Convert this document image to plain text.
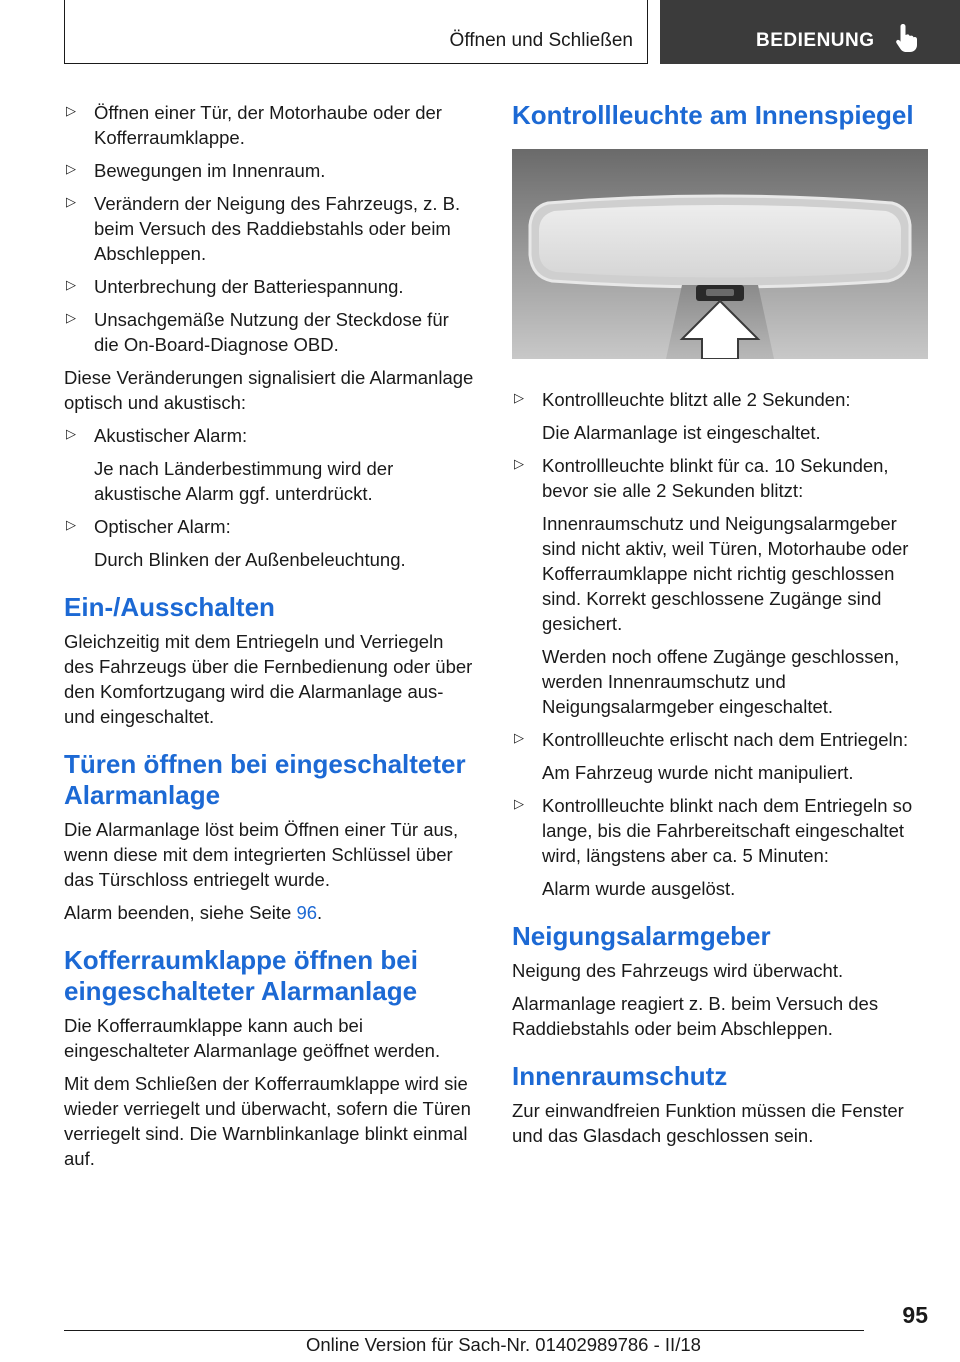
Öffnen und Schließen	BEDIENUNG
▷ Öffnen einer Tür, der Motorhaube oder der Kofferraumklappe.
▷ Bewegungen im Innenraum.
▷ Verändern der Neigung des Fahrzeugs, z. B. beim Versuch des Raddiebstahls oder beim Abschleppen.
▷ Unterbrechung der Batteriespannung.
▷ Unsachgemäße Nutzung der Steckdose für die On-Board-Diagnose OBD.

Diese Veränderungen signalisiert die Alarmanlage optisch und akustisch:

▷ Akustischer Alarm:
Je nach Länderbestimmung wird der akustische Alarm ggf. unterdrückt.
▷ Optischer Alarm:
Durch Blinken der Außenbeleuchtung.
Ein-/Ausschalten

Gleichzeitig mit dem Entriegeln und Verriegeln des Fahrzeugs über die Fernbedienung oder über den Komfortzugang wird die Alarmanlage aus- und eingeschaltet.

Türen öffnen bei eingeschalteter Alarmanlage

Die Alarmanlage löst beim Öffnen einer Tür aus, wenn diese mit dem integrierten Schlüssel über das Türschloss entriegelt wurde.

Alarm beenden, siehe Seite 96.

Kofferraumklappe öffnen bei eingeschalteter Alarmanlage

Die Kofferraumklappe kann auch bei eingeschalteter Alarmanlage geöffnet werden.

Mit dem Schließen der Kofferraumklappe wird sie wieder verriegelt und überwacht, sofern die Türen verriegelt sind. Die Warnblinkanlage blinkt einmal auf.

Kontrollleuchte am Innenspiegel
▷ Kontrollleuchte blitzt alle 2 Sekunden:
Die Alarmanlage ist eingeschaltet.
▷ Kontrollleuchte blinkt für ca. 10 Sekunden, bevor sie alle 2 Sekunden blitzt:
Innenraumschutz und Neigungsalarmgeber sind nicht aktiv, weil Türen, Motorhaube oder Kofferraumklappe nicht richtig geschlossen sind. Korrekt geschlossene Zugänge sind gesichert.
Werden noch offene Zugänge geschlossen, werden Innenraumschutz und Neigungsalarmgeber eingeschaltet.
▷ Kontrollleuchte erlischt nach dem Entriegeln:
Am Fahrzeug wurde nicht manipuliert.
▷ Kontrollleuchte blinkt nach dem Entriegeln so lange, bis die Fahrbereitschaft eingeschaltet wird, längstens aber ca. 5 Minuten:
Alarm wurde ausgelöst.
Neigungsalarmgeber

Neigung des Fahrzeugs wird überwacht.

Alarmanlage reagiert z. B. beim Versuch des Raddiebstahls oder beim Abschleppen.

Innenraumschutz

Zur einwandfreien Funktion müssen die Fenster und das Glasdach geschlossen sein.

95
Online Version für Sach-Nr. 01402989786 - II/18
